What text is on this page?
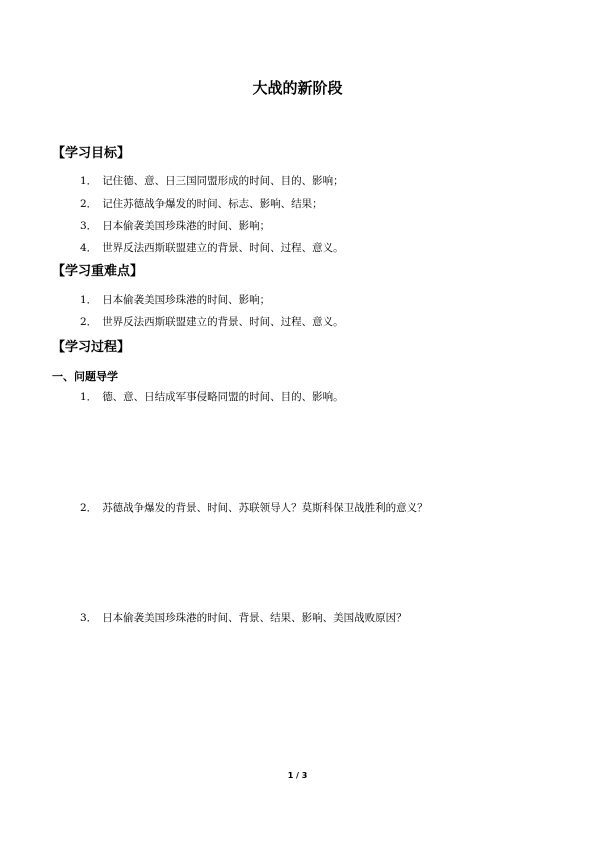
大战的新阶段
【学习目标】
1． 记住德、意、日三国同盟形成的时间、目的、影响；
2． 记住苏德战争爆发的时间、标志、影响、结果；
3． 日本偷袭美国珍珠港的时间、影响；
4． 世界反法西斯联盟建立的背景、时间、过程、意义。
【学习重难点】
1． 日本偷袭美国珍珠港的时间、影响；
2． 世界反法西斯联盟建立的背景、时间、过程、意义。
【学习过程】
一、问题导学
1． 德、意、日结成军事侵略同盟的时间、目的、影响。
2． 苏德战争爆发的背景、时间、苏联领导人？莫斯科保卫战胜利的意义？
3． 日本偷袭美国珍珠港的时间、背景、结果、影响、美国战败原因？
1 / 3
